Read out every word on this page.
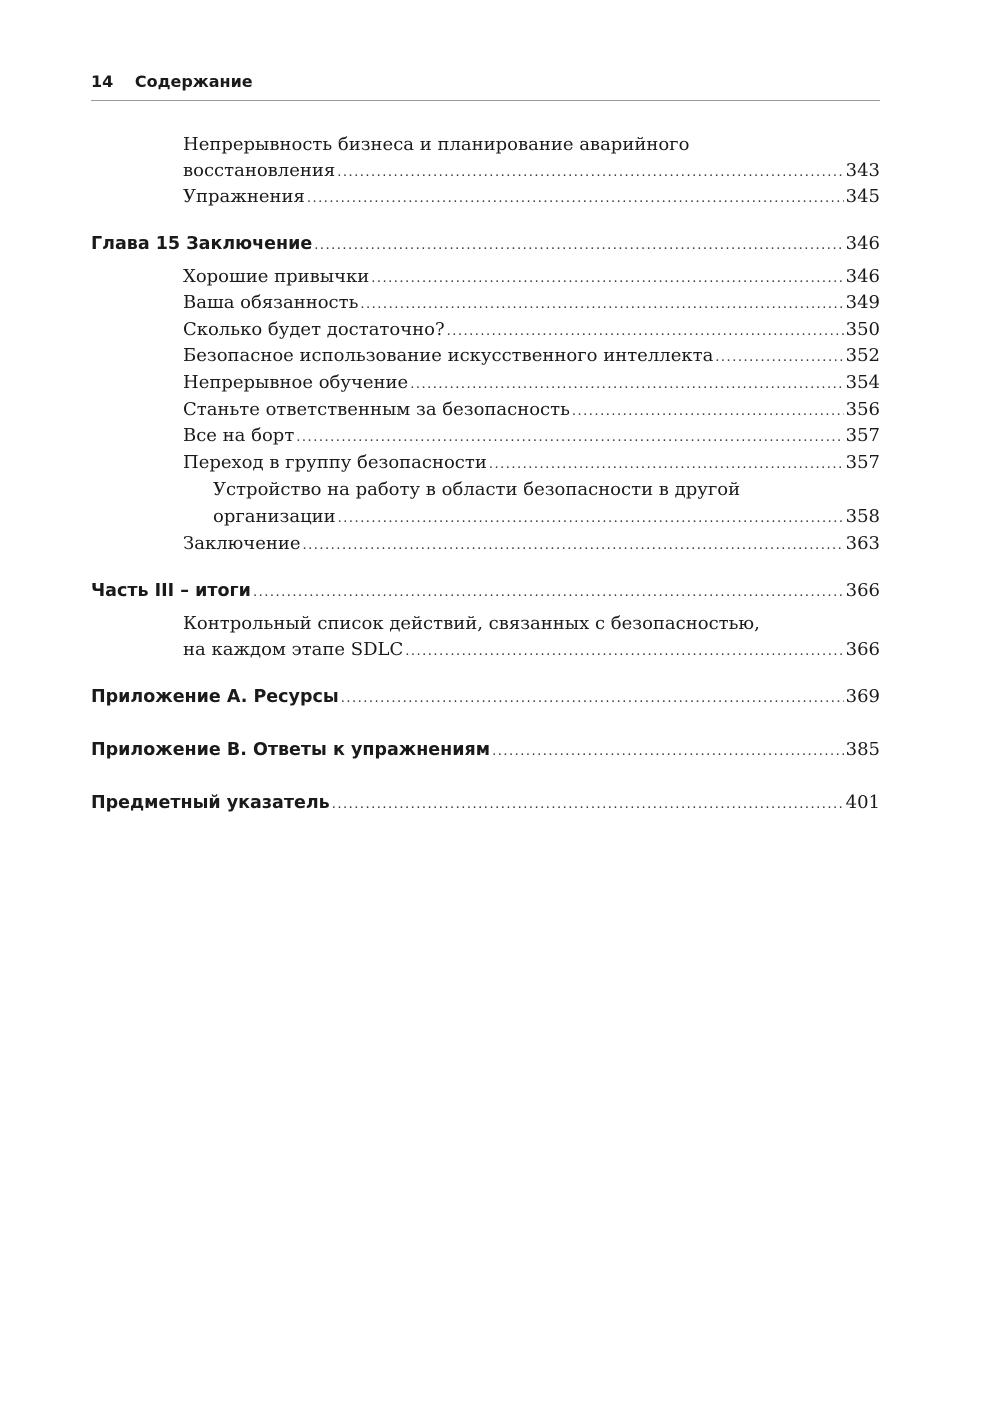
14 Содержание
Непрерывность бизнеса и планирование аварийного
восстановления .....	343
Упражнения .....	345
Глава 15 Заключение .....	346
Хорошие привычки .....	346
Ваша обязанность .....	349
Сколько будет достаточно? .....	350
Безопасное использование искусственного интеллекта .....	352
Непрерывное обучение .....	354
Станьте ответственным за безопасность .....	356
Все на борт .....	357
Переход в группу безопасности .....	357
Устройство на работу в области безопасности в другой
организации .....	358
Заключение .....	363
Часть III – итоги .....	366
Контрольный список действий, связанных с безопасностью,
на каждом этапе SDLC .....	366
Приложение A. Ресурсы .....	369
Приложение B. Ответы к упражнениям .....	385
Предметный указатель .....	401
